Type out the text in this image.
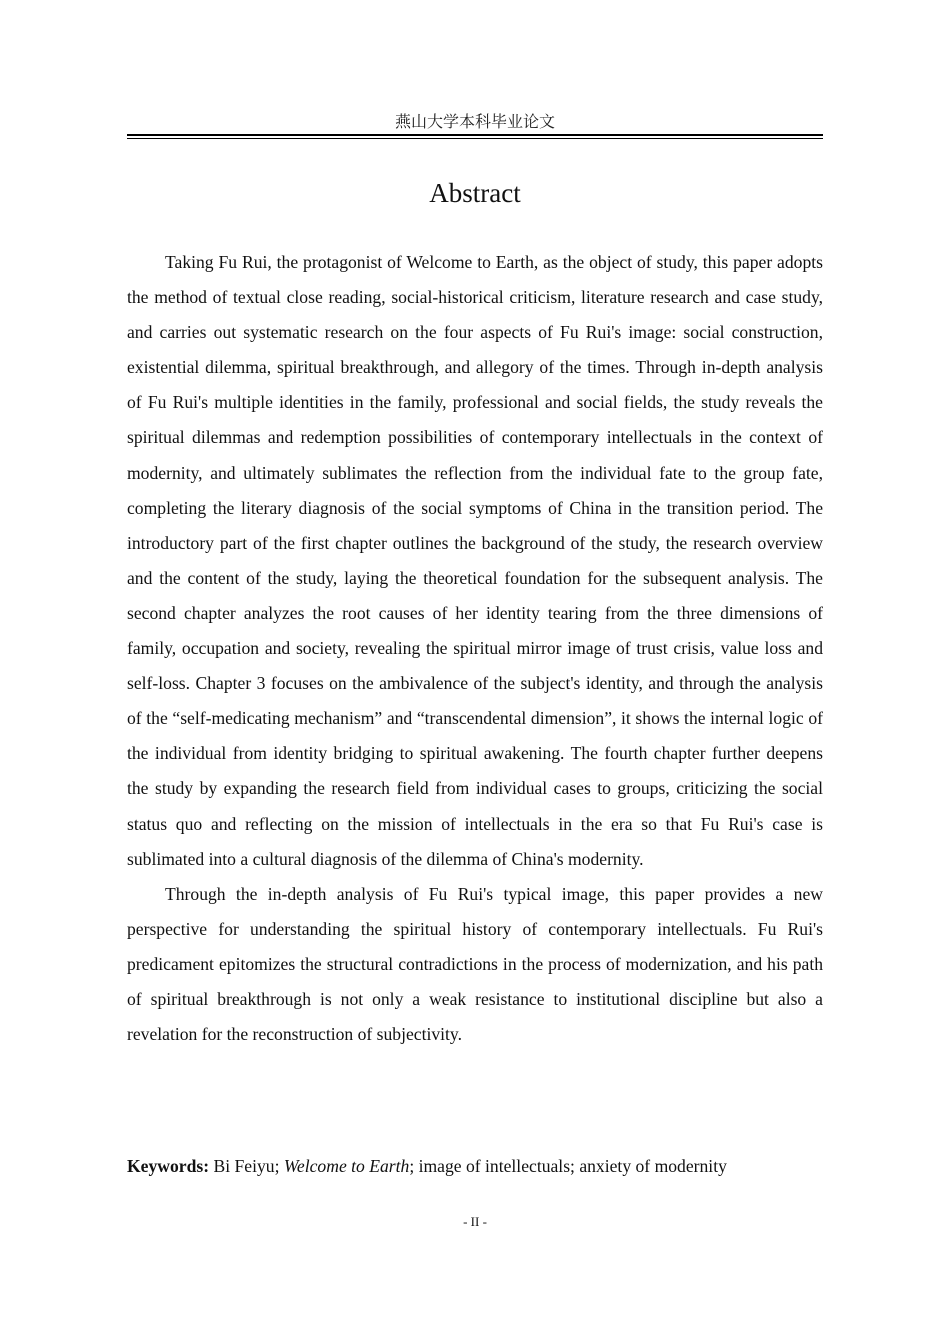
燕山大学本科毕业论文
Abstract

Taking Fu Rui, the protagonist of Welcome to Earth, as the object of study, this paper adopts the method of textual close reading, social-historical criticism, literature research and case study, and carries out systematic research on the four aspects of Fu Rui's image: social construction, existential dilemma, spiritual breakthrough, and allegory of the times. Through in-depth analysis of Fu Rui's multiple identities in the family, professional and social fields, the study reveals the spiritual dilemmas and redemption possibilities of contemporary intellectuals in the context of modernity, and ultimately sublimates the reflection from the individual fate to the group fate, completing the literary diagnosis of the social symptoms of China in the transition period. The introductory part of the first chapter outlines the background of the study, the research overview and the content of the study, laying the theoretical foundation for the subsequent analysis. The second chapter analyzes the root causes of her identity tearing from the three dimensions of family, occupation and society, revealing the spiritual mirror image of trust crisis, value loss and self-loss. Chapter 3 focuses on the ambivalence of the subject's identity, and through the analysis of the “self-medicating mechanism” and “transcendental dimension”, it shows the internal logic of the individual from identity bridging to spiritual awakening. The fourth chapter further deepens the study by expanding the research field from individual cases to groups, criticizing the social status quo and reflecting on the mission of intellectuals in the era so that Fu Rui's case is sublimated into a cultural diagnosis of the dilemma of China's modernity.

Through the in-depth analysis of Fu Rui's typical image, this paper provides a new perspective for understanding the spiritual history of contemporary intellectuals. Fu Rui's predicament epitomizes the structural contradictions in the process of modernization, and his path of spiritual breakthrough is not only a weak resistance to institutional discipline but also a revelation for the reconstruction of subjectivity.

Keywords: Bi Feiyu; Welcome to Earth; image of intellectuals; anxiety of modernity
- II -
